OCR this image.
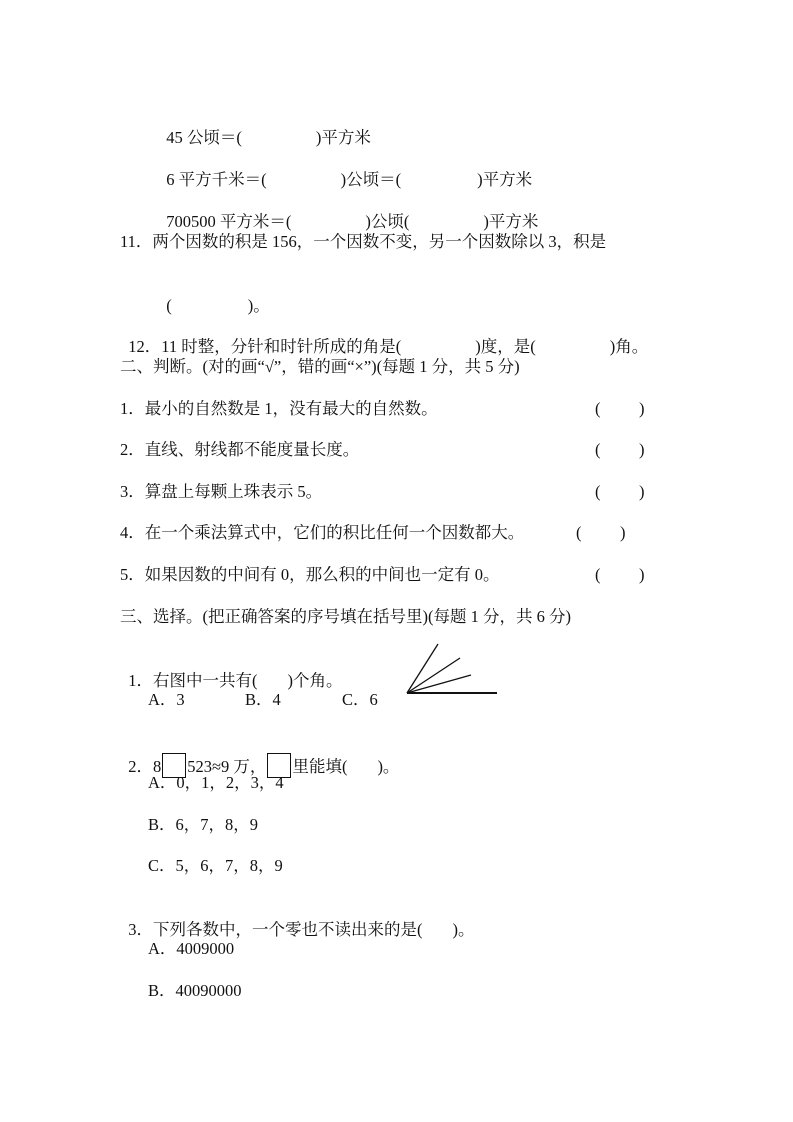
45 公顷＝(	)平方米

6 平方千米＝(	)公顷＝(	)平方米

700500 平方米＝(	)公顷(	)平方米

11．两个因数的积是 156，一个因数不变，另一个因数除以 3，积是

(	)。

12．11 时整，分针和时针所成的角是(	)度，是(	)角。

二、判断。(对的画“√”，错的画“×”)(每题 1 分，共 5 分)
1．最小的自然数是 1，没有最大的自然数。	( )
2．直线、射线都不能度量长度。	( )
3．算盘上每颗上珠表示 5。	( )
4．在一个乘法算式中，它们的积比任何一个因数都大。	( )
5．如果因数的中间有 0，那么积的中间也一定有 0。	( )
三、选择。(把正确答案的序号填在括号里)(每题 1 分，共 6 分)

1．右图中一共有( )个角。

A．3	B．4	C．6

2．8 523≈9 万， 里能填( )。

A．0，1，2，3，4
B．6，7，8，9
C．5，6，7，8，9

3．下列各数中，一个零也不读出来的是( )。

A．4009000
B．40090000
